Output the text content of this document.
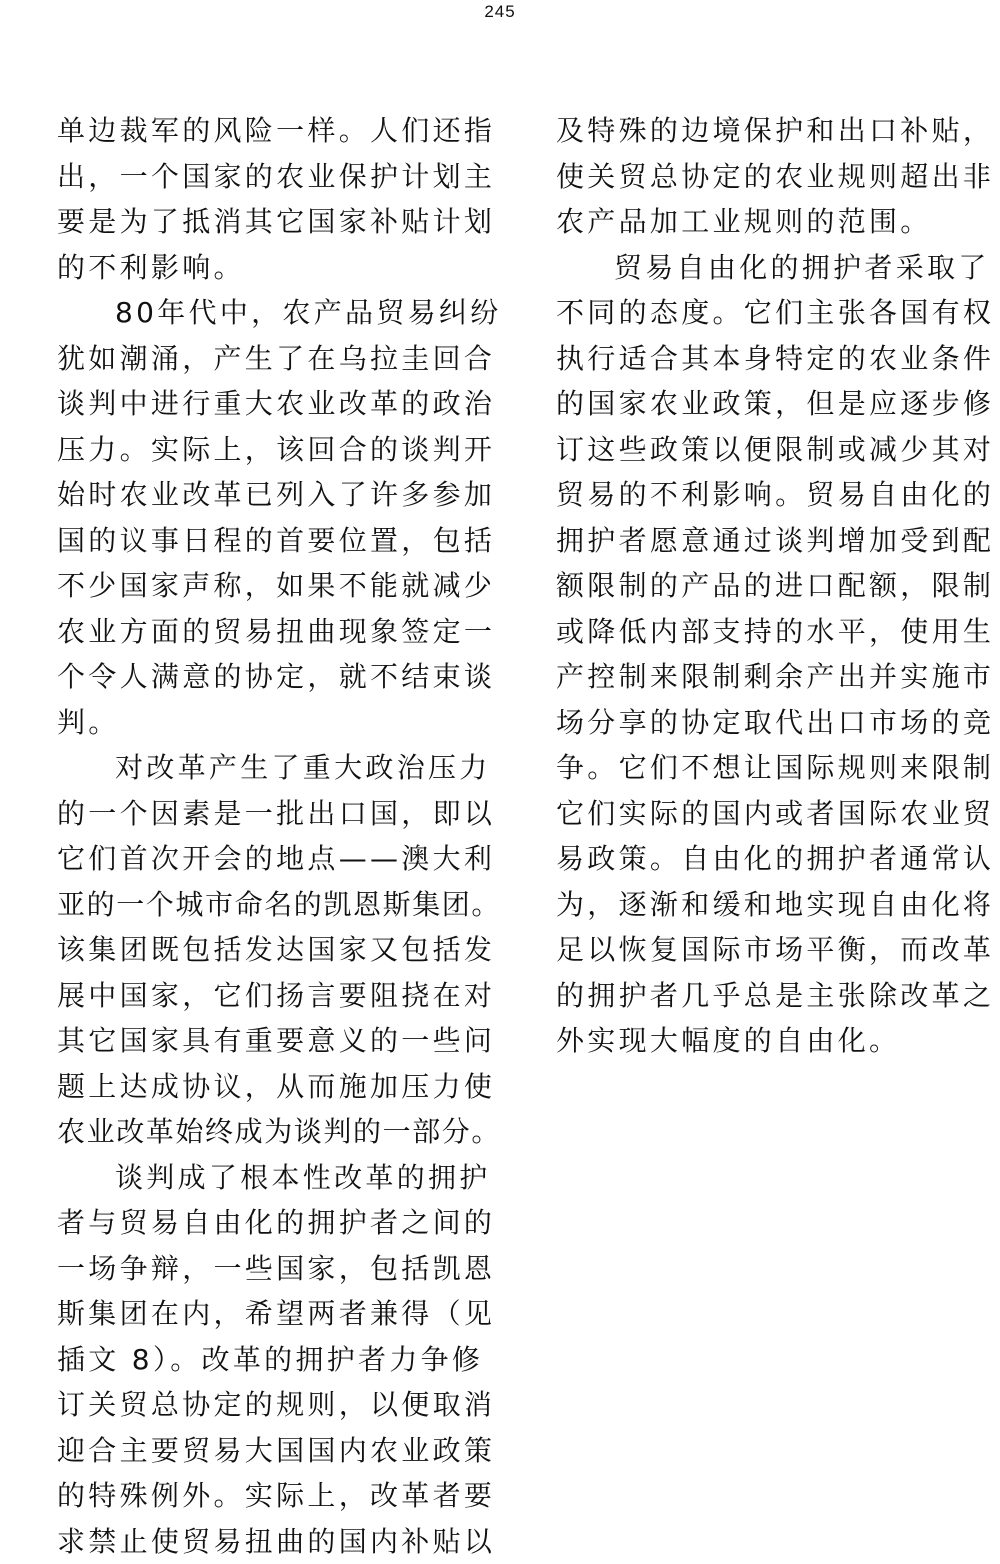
245
单边裁军的风险一样。人们还指
出，一个国家的农业保护计划主
要是为了抵消其它国家补贴计划
的不利影响。
80年代中，农产品贸易纠纷
犹如潮涌，产生了在乌拉圭回合
谈判中进行重大农业改革的政治
压力。实际上，该回合的谈判开
始时农业改革已列入了许多参加
国的议事日程的首要位置，包括
不少国家声称，如果不能就减少
农业方面的贸易扭曲现象签定一
个令人满意的协定，就不结束谈
判。
对改革产生了重大政治压力
的一个因素是一批出口国，即以
它们首次开会的地点——澳大利
亚的一个城市命名的凯恩斯集团。
该集团既包括发达国家又包括发
展中国家，它们扬言要阻挠在对
其它国家具有重要意义的一些问
题上达成协议，从而施加压力使
农业改革始终成为谈判的一部分。
谈判成了根本性改革的拥护
者与贸易自由化的拥护者之间的
一场争辩，一些国家，包括凯恩
斯集团在内，希望两者兼得（见
插文 8）。改革的拥护者力争修
订关贸总协定的规则，以便取消
迎合主要贸易大国国内农业政策
的特殊例外。实际上，改革者要
求禁止使贸易扭曲的国内补贴以
及特殊的边境保护和出口补贴，
使关贸总协定的农业规则超出非
农产品加工业规则的范围。
贸易自由化的拥护者采取了
不同的态度。它们主张各国有权
执行适合其本身特定的农业条件
的国家农业政策，但是应逐步修
订这些政策以便限制或减少其对
贸易的不利影响。贸易自由化的
拥护者愿意通过谈判增加受到配
额限制的产品的进口配额，限制
或降低内部支持的水平，使用生
产控制来限制剩余产出并实施市
场分享的协定取代出口市场的竞
争。它们不想让国际规则来限制
它们实际的国内或者国际农业贸
易政策。自由化的拥护者通常认
为，逐渐和缓和地实现自由化将
足以恢复国际市场平衡，而改革
的拥护者几乎总是主张除改革之
外实现大幅度的自由化。
